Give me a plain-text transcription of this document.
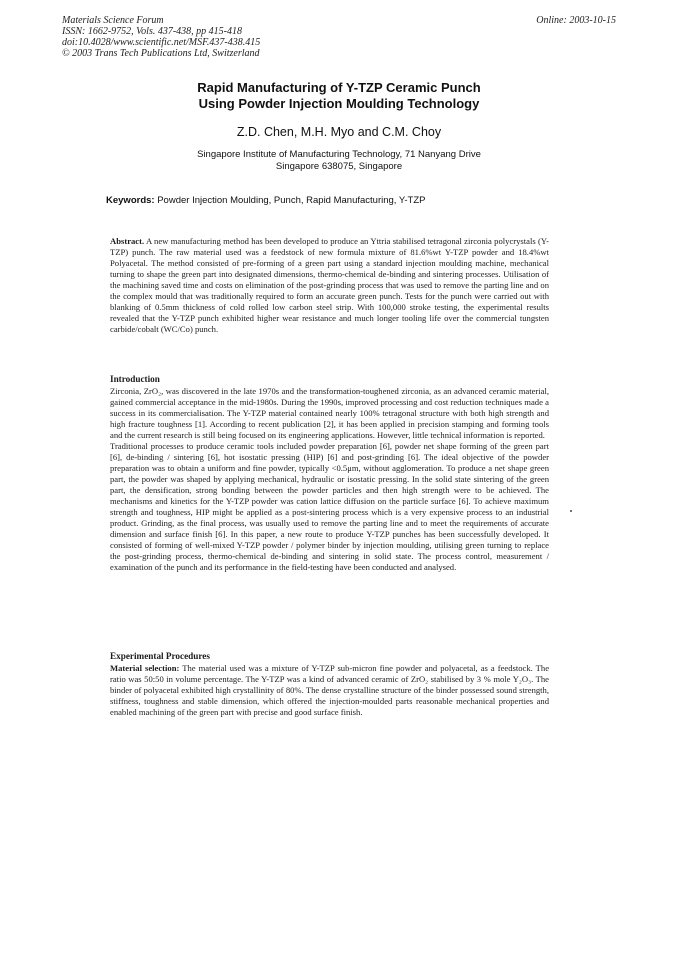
Materials Science Forum
ISSN: 1662-9752, Vols. 437-438, pp 415-418
doi:10.4028/www.scientific.net/MSF.437-438.415
© 2003 Trans Tech Publications Ltd, Switzerland
Online: 2003-10-15
Rapid Manufacturing of Y-TZP Ceramic Punch
Using Powder Injection Moulding Technology
Z.D. Chen, M.H. Myo and C.M. Choy
Singapore Institute of Manufacturing Technology, 71 Nanyang Drive
Singapore 638075, Singapore
Keywords: Powder Injection Moulding, Punch, Rapid Manufacturing, Y-TZP

Abstract. A new manufacturing method has been developed to produce an Yttria stabilised tetragonal zirconia polycrystals (Y-TZP) punch. The raw material used was a feedstock of new formula mixture of 81.6%wt Y-TZP powder and 18.4%wt Polyacetal. The method consisted of pre-forming of a green part using a standard injection moulding machine, mechanical turning to shape the green part into designated dimensions, thermo-chemical de-binding and sintering processes. Utilisation of the machining saved time and costs on elimination of the post-grinding process that was used to remove the parting line and on the complex mould that was traditionally required to form an accurate green punch. Tests for the punch were carried out with blanking of 0.5mm thickness of cold rolled low carbon steel strip. With 100,000 stroke testing, the experimental results revealed that the Y-TZP punch exhibited higher wear resistance and much longer tooling life over the commercial tungsten carbide/cobalt (WC/Co) punch.

Introduction

Zirconia, ZrO₂, was discovered in the late 1970s and the transformation-toughened zirconia, as an advanced ceramic material, gained commercial acceptance in the mid-1980s. During the 1990s, improved processing and cost reduction techniques made a success in its commercialisation. The Y-TZP material contained nearly 100% tetragonal structure with both high strength and high fracture toughness [1]. According to recent publication [2], it has been applied in precision stamping and forming tools and the current research is still being focused on its engineering applications. However, little technical information is reported.

Traditional processes to produce ceramic tools included powder preparation [6], powder net shape forming of the green part [6], de-binding / sintering [6], hot isostatic pressing (HIP) [6] and post-grinding [6]. The ideal objective of the powder preparation was to obtain a uniform and fine powder, typically <0.5μm, without agglomeration. To produce a net shape green part, the powder was shaped by applying mechanical, hydraulic or isostatic pressing. In the solid state sintering of the green part, the densification, strong bonding between the powder particles and then high strength were to be achieved. The mechanisms and kinetics for the Y-TZP powder was cation lattice diffusion on the particle surface [6]. To achieve maximum strength and toughness, HIP might be applied as a post-sintering process which is a very expensive process to an industrial product. Grinding, as the final process, was usually used to remove the parting line and to meet the requirements of accurate dimension and surface finish [6]. In this paper, a new route to produce Y-TZP punches has been successfully developed. It consisted of forming of well-mixed Y-TZP powder / polymer binder by injection moulding, utilising green turning to replace the post-grinding process, thermo-chemical de-binding and sintering in solid state. The process control, measurement / examination of the punch and its performance in the field-testing have been conducted and analysed.

Experimental Procedures

Material selection: The material used was a mixture of Y-TZP sub-micron fine powder and polyacetal, as a feedstock. The ratio was 50:50 in volume percentage. The Y-TZP was a kind of advanced ceramic of ZrO₂ stabilised by 3 % mole Y₂O₃. The binder of polyacetal exhibited high crystallinity of 80%. The dense crystalline structure of the binder possessed sound strength, stiffness, toughness and stable dimension, which offered the injection-moulded parts reasonable mechanical properties and enabled machining of the green part with precise and good surface finish.
